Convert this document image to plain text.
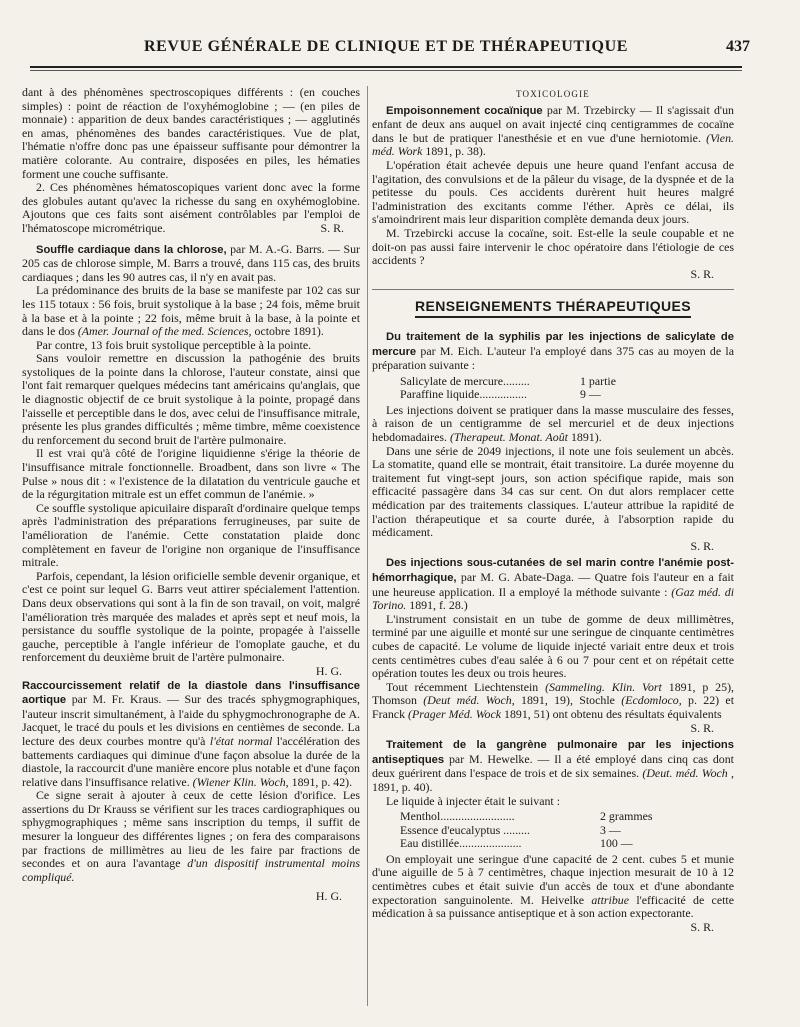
REVUE GÉNÉRALE DE CLINIQUE ET DE THÉRAPEUTIQUE	437

dant à des phénomènes spectroscopiques différents : (en couches simples) : point de réaction de l'oxyhémoglobine ; — (en piles de monnaie) : apparition de deux bandes caractéristiques ; — agglutinés en amas, phénomènes des bandes caractéristiques. Vue de plat, l'hématie n'offre donc pas une épaisseur suffisante pour démontrer la matière colorante. Au contraire, disposées en piles, les hématies forment une couche suffisante.

2. Ces phénomènes hématoscopiques varient donc avec la forme des globules autant qu'avec la richesse du sang en oxyhémoglobine. Ajoutons que ces faits sont aisément contrôlables par l'emploi de l'hématoscope micrométrique.	S. R.

Souffle cardiaque dans la chlorose, par M. A.-G. Barrs. — Sur 205 cas de chlorose simple, M. Barrs a trouvé, dans 115 cas, des bruits cardiaques ; dans les 90 autres cas, il n'y en avait pas.

La prédominance des bruits de la base se manifeste par 102 cas sur les 115 totaux : 56 fois, bruit systolique à la base ; 24 fois, même bruit à la base et à la pointe ; 22 fois, même bruit à la base, à la pointe et dans le dos (Amer. Journal of the med. Sciences, octobre 1891).

Par contre, 13 fois bruit systolique perceptible à la pointe.

Sans vouloir remettre en discussion la pathogénie des bruits systoliques de la pointe dans la chlorose, l'auteur constate, ainsi que l'ont fait remarquer quelques médecins tant américains qu'anglais, que le diagnostic objectif de ce bruit systolique à la pointe, propagé dans l'aisselle et perceptible dans le dos, avec celui de l'insuffisance mitrale, présente les plus grandes difficultés ; même timbre, même coexistence du renforcement du second bruit de l'artère pulmonaire.

Il est vrai qu'à côté de l'origine liquidienne s'érige la théorie de l'insuffisance mitrale fonctionnelle. Broadbent, dans son livre « The Pulse » nous dit : « l'existence de la dilatation du ventricule gauche et de la régurgitation mitrale est un effet commun de l'anémie. »

Ce souffle systolique apicuilaire disparaît d'ordinaire quelque temps après l'administration des préparations ferrugineuses, par suite de l'amélioration de l'anémie. Cette constatation plaide donc complètement en faveur de l'origine non organique de l'insuffisance mitrale.

Parfois, cependant, la lésion orificielle semble devenir organique, et c'est ce point sur lequel G. Barrs veut attirer spécialement l'attention. Dans deux observations qui sont à la fin de son travail, on voit, malgré l'amélioration très marquée des malades et après sept et neuf mois, la persistance du souffle systolique de la pointe, propagée à l'aisselle gauche, perceptible à l'angle inférieur de l'omoplate gauche, et du renforcement du deuxième bruit de l'artère pulmonaire.

H. G.

Raccourcissement relatif de la diastole dans l'insuffisance aortique par M. Fr. Kraus. — Sur des tracés sphygmographiques, l'auteur inscrit simultanément, à l'aide du sphygmochronographe de A. Jacquet, le tracé du pouls et les divisions en centièmes de seconde. La lecture des deux courbes montre qu'à l'état normal l'accélération des battements cardiaques qui diminue d'une façon absolue la durée de la diastole, la raccourcit d'une manière encore plus notable et d'une façon relative dans l'insuffisance relative. (Wiener Klin. Woch, 1891, p. 42).

Ce signe serait à ajouter à ceux de cette lésion d'orifice. Les assertions du Dr Krauss se vérifient sur les traces cardiographiques ou sphygmographiques ; même sans inscription du temps, il suffit de mesurer la longueur des différentes lignes ; on fera des comparaisons par fractions de millimètres au lieu de les faire par fractions de secondes et on aura l'avantage d'un dispositif instrumental moins compliqué.

H. G.
TOXICOLOGIE

Empoisonnement cocaïnique par M. Trzebircky — Il s'agissait d'un enfant de deux ans auquel on avait injecté cinq centigrammes de cocaïne dans le but de pratiquer l'anesthésie et en vue d'une herniotomie. (Vien. méd. Work 1891, p. 38).

L'opération était achevée depuis une heure quand l'enfant accusa de l'agitation, des convulsions et de la pâleur du visage, de la dyspnée et de la petitesse du pouls. Ces accidents durèrent huit heures malgré l'administration des excitants comme l'éther. Après ce délai, ils s'amoindrirent mais leur disparition complète demanda deux jours.

M. Trzebircki accuse la cocaïne, soit. Est-elle la seule coupable et ne doit-on pas aussi faire intervenir le choc opératoire dans l'étiologie de ces accidents ?

S. R.
RENSEIGNEMENTS THÉRAPEUTIQUES

Du traitement de la syphilis par les injections de salicylate de mercure par M. Eich. L'auteur l'a employé dans 375 cas au moyen de la préparation suivante :

Salicylate de mercure.........	1 partie
Paraffine liquide................	9 —

Les injections doivent se pratiquer dans la masse musculaire des fesses, à raison de un centigramme de sel mercuriel et de deux injections hebdomadaires. (Therapeut. Monat. Août 1891).

Dans une série de 2049 injections, il note une fois seulement un abcès. La stomatite, quand elle se montrait, était transitoire. La durée moyenne du traitement fut vingt-sept jours, son action spécifique rapide, mais son efficacité passagère dans 34 cas sur cent. On dut alors remplacer cette médication par des traitements classiques. L'auteur attribue la rapidité de l'action thérapeutique et sa courte durée, à l'absorption rapide du médicament.

S. R.

Des injections sous-cutanées de sel marin contre l'anémie post-hémorrhagique, par M. G. Abate-Daga. — Quatre fois l'auteur en a fait une heureuse application. Il a employé la méthode suivante : (Gaz méd. di Torino. 1891, f. 28.)

L'instrument consistait en un tube de gomme de deux millimètres, terminé par une aiguille et monté sur une seringue de cinquante centimètres cubes de capacité. Le volume de liquide injecté variait entre deux et trois cents centimètres cubes d'eau salée à 6 ou 7 pour cent et on répétait cette opération toutes les deux ou trois heures.

Tout récemment Liechtenstein (Sammeling. Klin. Vort 1891, p 25), Thomson (Deut méd. Woch, 1891, 19), Stochle (Ecdomloco, p. 22) et Franck (Prager Méd. Wock 1891, 51) ont obtenu des résultats équivalents

S. R.

Traitement de la gangrène pulmonaire par les injections antiseptiques par M. Hewelke. — Il a été employé dans cinq cas dont deux guérirent dans l'espace de trois et de six semaines. (Deut. méd. Woch , 1891, p. 40).

Le liquide à injecter était le suivant :

Menthol.........................	2 grammes
Essence d'eucalyptus .........	3 —
Eau distillée.....................	100 —

On employait une seringue d'une capacité de 2 cent. cubes 5 et munie d'une aiguille de 5 à 7 centimètres, chaque injection mesurait de 10 à 12 centimètres cubes et était suivie d'un accès de toux et d'une abondante expectoration sanguinolente. M. Heivelke attribue l'efficacité de cette médication à sa puissance antiseptique et à son action expectorante.

S. R.
